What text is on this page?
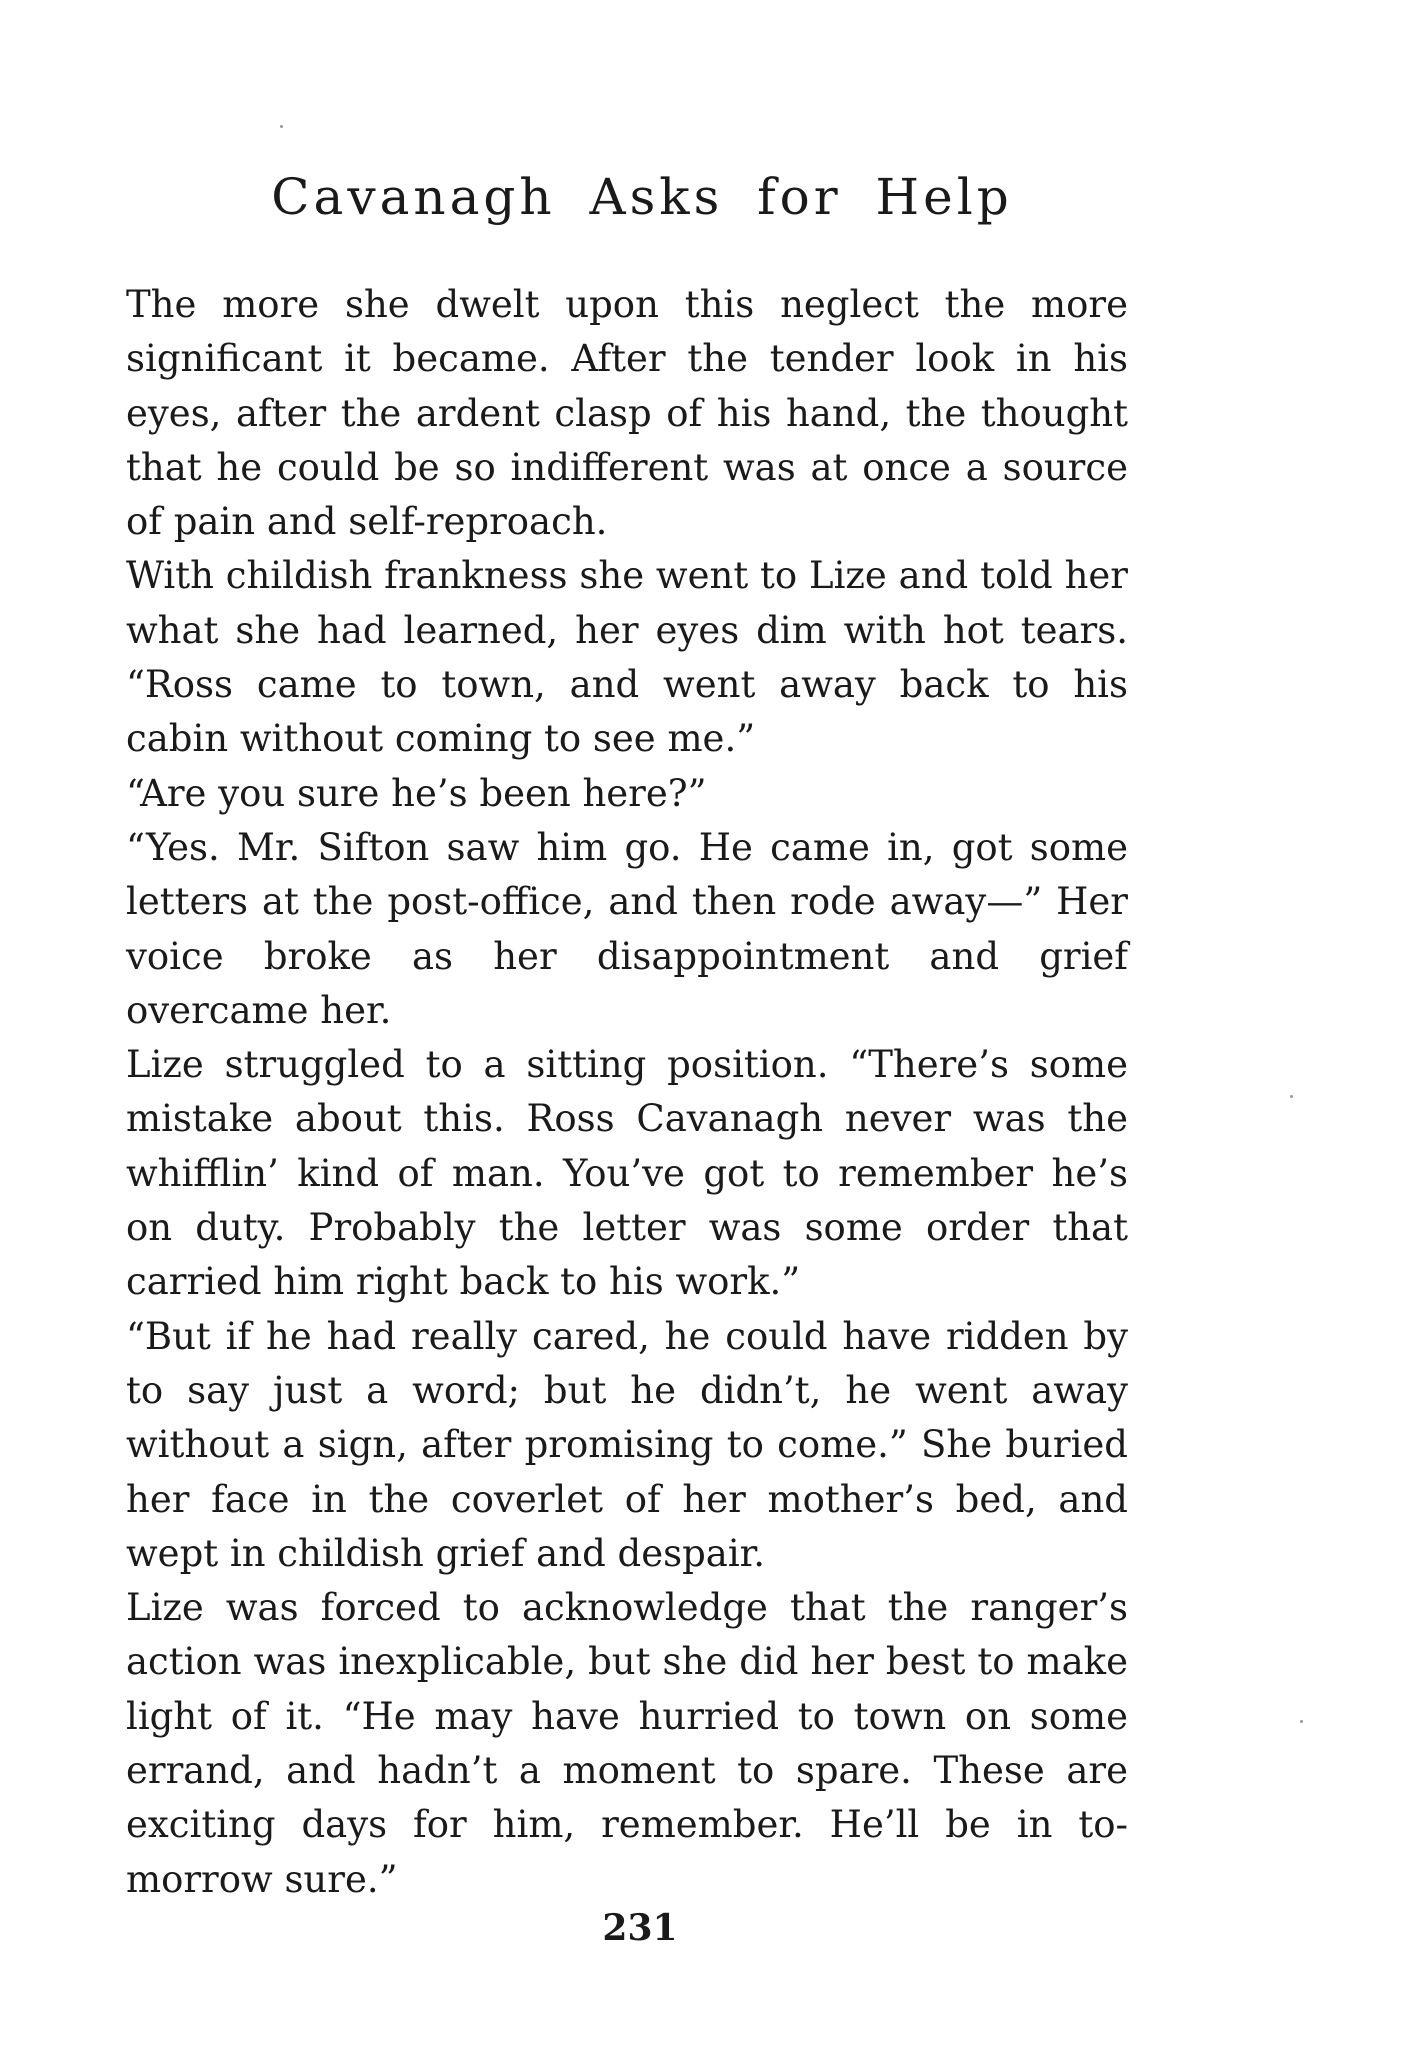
Cavanagh Asks for Help

The more she dwelt upon this neglect the more significant it became. After the tender look in his eyes, after the ardent clasp of his hand, the thought that he could be so indifferent was at once a source of pain and self-reproach.

With childish frankness she went to Lize and told her what she had learned, her eyes dim with hot tears. “Ross came to town, and went away back to his cabin without coming to see me.”

“Are you sure he’s been here?”

“Yes. Mr. Sifton saw him go. He came in, got some letters at the post-office, and then rode away—” Her voice broke as her disappointment and grief overcame her.

Lize struggled to a sitting position. “There’s some mistake about this. Ross Cavanagh never was the whifflin’ kind of man. You’ve got to remember he’s on duty. Probably the letter was some order that carried him right back to his work.”

“But if he had really cared, he could have ridden by to say just a word; but he didn’t, he went away without a sign, after promising to come.” She buried her face in the coverlet of her mother’s bed, and wept in childish grief and despair.

Lize was forced to acknowledge that the ranger’s action was inexplicable, but she did her best to make light of it. “He may have hurried to town on some errand, and hadn’t a moment to spare. These are exciting days for him, remember. He’ll be in to-morrow sure.”

231
